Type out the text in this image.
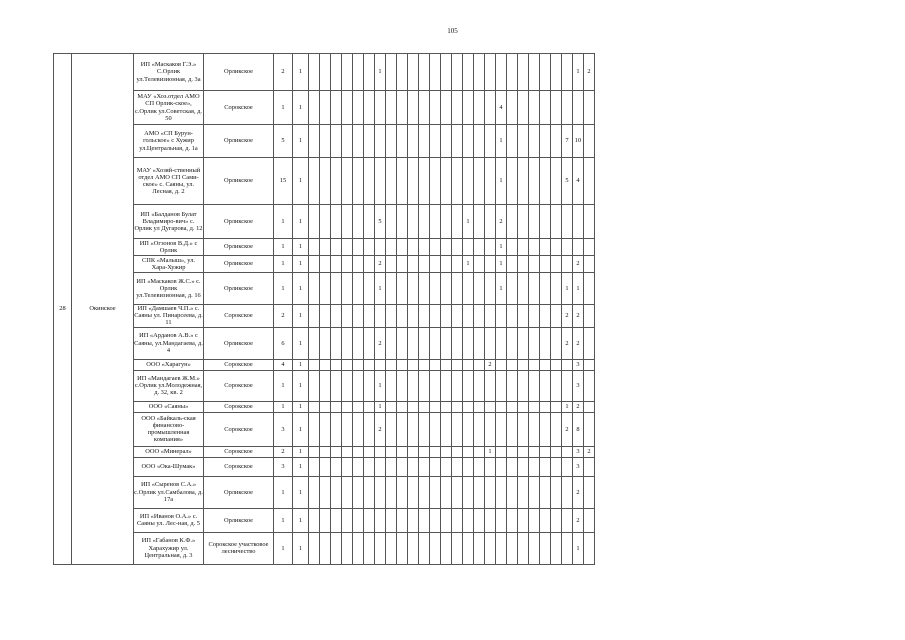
105
28	Окинское	ИП «Маскаков Г.Э.» С.Орлик ул.Телевизионная, д. 3а	Орликское	2	1							1																		1	2
		МАУ «Хоз.отдел АМО СП Орлик-ское», с.Орлик ул.Советская, д. 50	Сорокское	1	1																		4								
		АМО «СП Бурун-гольское» с Хужир ул.Центральная, д. 1а	Орликское	5	1																		1						7	10	
		МАУ «Хозяй-ственный отдел АМО СП Сами-ское» с. Саяны, ул. Лесная, д. 2	Орликское	15	1																		1						5	4	
		ИП «Балданов Булат Владимиро-вич» с. Орлик ул Дугарова, д. 12	Орликское	1	1							5								1			2								
		ИП «Огзонов В.Д.» с Орлик	Орликское	1	1																		1								
		СПК «Малыш», ул. Хара-Хужир	Орликское	1	1							2								1			1							2	
		ИП «Маскаков Ж.С.» с. Орлик ул.Телевизионная, д. 16	Орликское	1	1							1											1						1	1	
		ИП «Дамшаев Ч.П.» с. Саяны ул. Пинарсеева, д. 11	Сорокское	2	1																								2	2	
		ИП «Арданов А.В.» с Саяны, ул.Мандагаева, д. 4	Орликское	6	1							2																	2	2	
		ООО «Харагун»	Сорокское	4	1																	2								3	
		ИП «Мандагаев Ж.М.» с.Орлик ул.Молодежная, д. 32, кв. 2	Сорокское	1	1							1																		3	
		ООО «Саяны»	Сорокское	1	1							1																	1	2	
		ООО «Байкаль-ская финансово-промышленная компания»	Сорокское	3	1							2																	2	8	
		ООО «Минерал»	Сорокское	2	1																	1								3	2
		ООО «Ока-Шумак»	Сорокское	3	1																									3	
		ИП «Сыренов С.А.» с.Орлик ул.Самбалова, д. 17а	Орликское	1	1																									2	
		ИП «Иванов О.А.» с. Саяны ул. Лес-ная, д. 5	Орликское	1	1																									2	
		ИП «Габанов К.Ф.» Харахужир ул. Центральная, д. 3	Сорокское участковое лесничество	1	1																									1	
